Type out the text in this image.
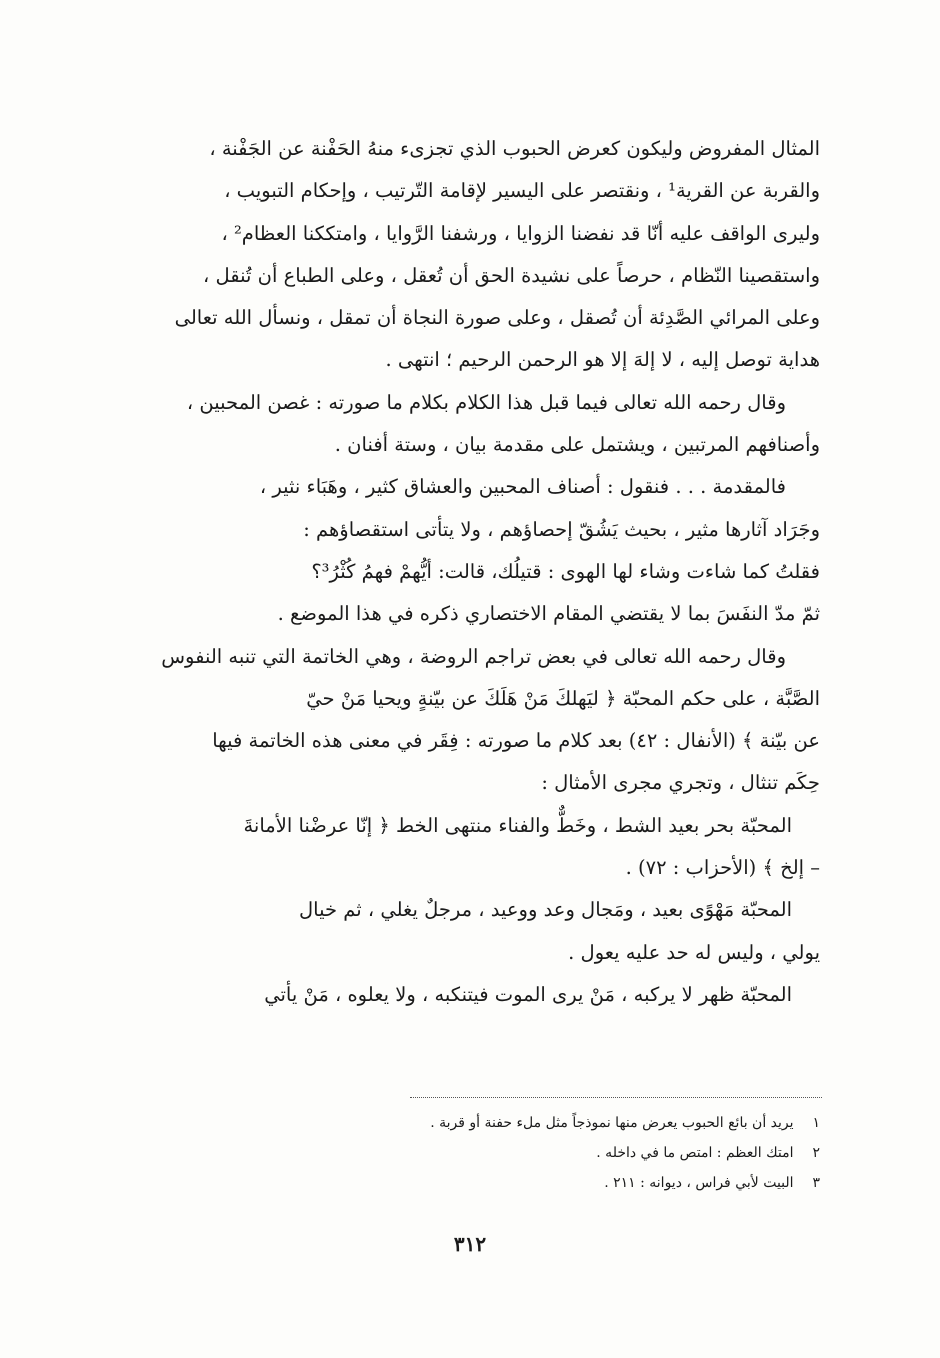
المثال المفروض وليكون كعرض الحبوب الذي تجزىء منهُ الحَفْنة عن الجَفْنة ،
والقربة عن القرية¹ ، ونقتصر على اليسير لإقامة التّرتيب ، وإحكام التبويب ،
وليرى الواقف عليه أنّا قد نفضنا الزوايا ، ورشفنا الرَّوايا ، وامتككنا العظام² ،
واستقصينا النّظام ، حرصاً على نشيدة الحق أن تُعقل ، وعلى الطباع أن تُنقل ،
وعلى المرائي الصَّدِئة أن تُصقل ، وعلى صورة النجاة أن تمقل ، ونسأل الله تعالى
هداية توصل إليه ، لا إلهَ إلا هو الرحمن الرحيم ؛ انتهى .
وقال رحمه الله تعالى فيما قبل هذا الكلام بكلام ما صورته : غصن المحبين ،
وأصنافهم المرتبين ، ويشتمل على مقدمة بيان ، وستة أفنان .
فالمقدمة . . . فنقول : أصناف المحبين والعشاق كثير ، وهَبَاء نثير ،
وجَرَاد آثارها مثير ، بحيث يَشُقّ إحصاؤهم ، ولا يتأتى استقصاؤهم :
فقلتُ كما شاءت وشاء لها الهوى : قتيلُك، قالت: أيُّهمْ فهمُ كُثْرُ³؟
ثمّ مدّ النفَسَ بما لا يقتضي المقام الاختصاري ذكره في هذا الموضع .
وقال رحمه الله تعالى في بعض تراجم الروضة ، وهي الخاتمة التي تنبه النفوس
الصَّبَّة ، على حكم المحبّة ﴿ ليَهلكَ مَنْ هَلَكَ عن بيّنةٍ ويحيا مَنْ حيّ
عن بيّنة ﴾ (الأنفال : ٤٢) بعد كلام ما صورته : فِقَر في معنى هذه الخاتمة فيها
حِكَم تنثال ، وتجري مجرى الأمثال :
المحبّة بحر بعيد الشط ، وخَطٌّ والفناء منتهى الخط ﴿ إنّا عرضْنا الأمانةَ
– إلخ ﴾ (الأحزاب : ٧٢) .
المحبّة مَهْوًى بعيد ، ومَجال وعد ووعيد ، مرجلٌ يغلي ، ثم خيال
يولي ، وليس له حد عليه يعول .
المحبّة ظهر لا يركبه ، مَنْ يرى الموت فيتنكبه ، ولا يعلوه ، مَنْ يأتي
١ يريد أن بائع الحبوب يعرض منها نموذجاً مثل ملء حفنة أو قربة .
٢ امتك العظم : امتص ما في داخله .
٣ البيت لأبي فراس ، ديوانه : ٢١١ .
٣١٢
